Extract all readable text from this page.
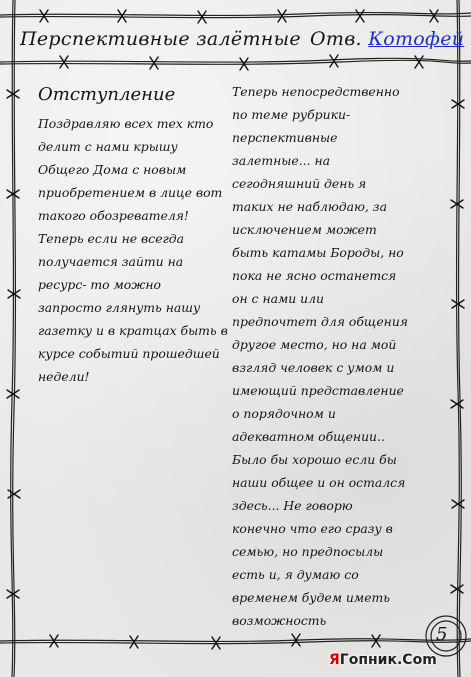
Перспективные залётные Отв. Котофей
Отступление

Поздравляю всех тех кто делит с нами крышу Общего Дома с новым приобретением в лице вот такого обозревателя! Теперь если не всегда получается зайти на ресурс- то можно запросто глянуть нашу газетку и в кратцах быть в курсе событий прошедшей недели!

Теперь непосредственно по теме рубрики-перспективные залетные... на сегодняшний день я таких не наблюдаю, за исключением может быть катамы Бороды, но пока не ясно останется он с нами или предпочтет для общения другое место, но на мой взгляд человек с умом и имеющий представление о порядочном и адекватном общении.. Было бы хорошо если бы наши общее и он остался здесь... Не говорю конечно что его сразу в семью, но предпосылы есть и, я думаю со временем будем иметь возможность

5
ЯГопник.Com
